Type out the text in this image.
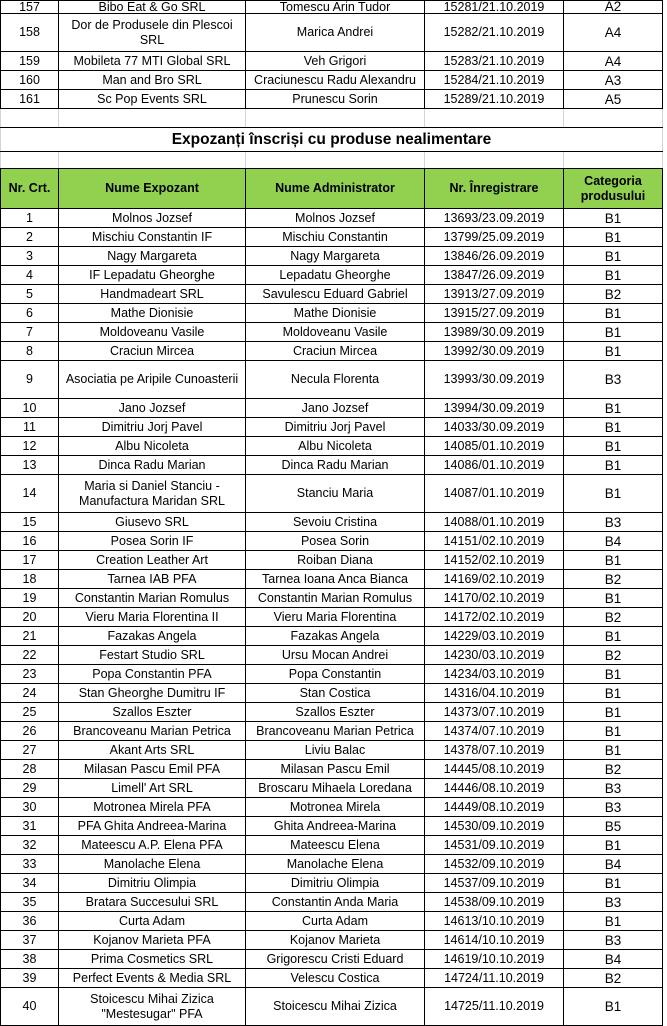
157	Bibo Eat & Go SRL	Tomescu Arin Tudor	15281/21.10.2019	A2
158	Dor de Produsele din Plescoi SRL	Marica Andrei	15282/21.10.2019	A4
159	Mobileta 77 MTI Global SRL	Veh Grigori	15283/21.10.2019	A4
160	Man and Bro SRL	Craciunescu Radu Alexandru	15284/21.10.2019	A3
161	Sc Pop Events SRL	Prunescu Sorin	15289/21.10.2019	A5

Expozanți înscriși cu produse nealimentare				

Nr. Crt.	Nume Expozant	Nume Administrator	Nr. Înregistrare	Categoria produsului
1	Molnos Jozsef	Molnos Jozsef	13693/23.09.2019	B1
2	Mischiu Constantin IF	Mischiu Constantin	13799/25.09.2019	B1
3	Nagy Margareta	Nagy Margareta	13846/26.09.2019	B1
4	IF Lepadatu Gheorghe	Lepadatu Gheorghe	13847/26.09.2019	B1
5	Handmadeart SRL	Savulescu Eduard Gabriel	13913/27.09.2019	B2
6	Mathe Dionisie	Mathe Dionisie	13915/27.09.2019	B1
7	Moldoveanu Vasile	Moldoveanu Vasile	13989/30.09.2019	B1
8	Craciun Mircea	Craciun Mircea	13992/30.09.2019	B1
9	Asociatia pe Aripile Cunoasterii	Necula Florenta	13993/30.09.2019	B3
10	Jano Jozsef	Jano Jozsef	13994/30.09.2019	B1
11	Dimitriu Jorj Pavel	Dimitriu Jorj Pavel	14033/30.09.2019	B1
12	Albu Nicoleta	Albu Nicoleta	14085/01.10.2019	B1
13	Dinca Radu Marian	Dinca Radu Marian	14086/01.10.2019	B1
14	Maria si Daniel Stanciu - Manufactura Maridan SRL	Stanciu Maria	14087/01.10.2019	B1
15	Giusevo SRL	Sevoiu Cristina	14088/01.10.2019	B3
16	Posea Sorin IF	Posea Sorin	14151/02.10.2019	B4
17	Creation Leather Art	Roiban Diana	14152/02.10.2019	B1
18	Tarnea IAB PFA	Tarnea Ioana Anca Bianca	14169/02.10.2019	B2
19	Constantin Marian Romulus	Constantin Marian Romulus	14170/02.10.2019	B1
20	Vieru Maria Florentina II	Vieru Maria Florentina	14172/02.10.2019	B2
21	Fazakas Angela	Fazakas Angela	14229/03.10.2019	B1
22	Festart Studio SRL	Ursu Mocan Andrei	14230/03.10.2019	B2
23	Popa Constantin PFA	Popa Constantin	14234/03.10.2019	B1
24	Stan Gheorghe Dumitru IF	Stan Costica	14316/04.10.2019	B1
25	Szallos Eszter	Szallos Eszter	14373/07.10.2019	B1
26	Brancoveanu Marian Petrica	Brancoveanu Marian Petrica	14374/07.10.2019	B1
27	Akant Arts SRL	Liviu Balac	14378/07.10.2019	B1
28	Milasan Pascu Emil PFA	Milasan Pascu Emil	14445/08.10.2019	B2
29	Limell' Art SRL	Broscaru Mihaela Loredana	14446/08.10.2019	B3
30	Motronea Mirela PFA	Motronea Mirela	14449/08.10.2019	B3
31	PFA Ghita Andreea-Marina	Ghita Andreea-Marina	14530/09.10.2019	B5
32	Mateescu A.P. Elena PFA	Mateescu Elena	14531/09.10.2019	B1
33	Manolache Elena	Manolache Elena	14532/09.10.2019	B4
34	Dimitriu Olimpia	Dimitriu Olimpia	14537/09.10.2019	B1
35	Bratara Succesului SRL	Constantin Anda Maria	14538/09.10.2019	B3
36	Curta Adam	Curta Adam	14613/10.10.2019	B1
37	Kojanov Marieta PFA	Kojanov Marieta	14614/10.10.2019	B3
38	Prima Cosmetics SRL	Grigorescu Cristi Eduard	14619/10.10.2019	B4
39	Perfect Events & Media SRL	Velescu Costica	14724/11.10.2019	B2
40	Stoicescu Mihai Zizica "Mestesugar" PFA	Stoicescu Mihai Zizica	14725/11.10.2019	B1
